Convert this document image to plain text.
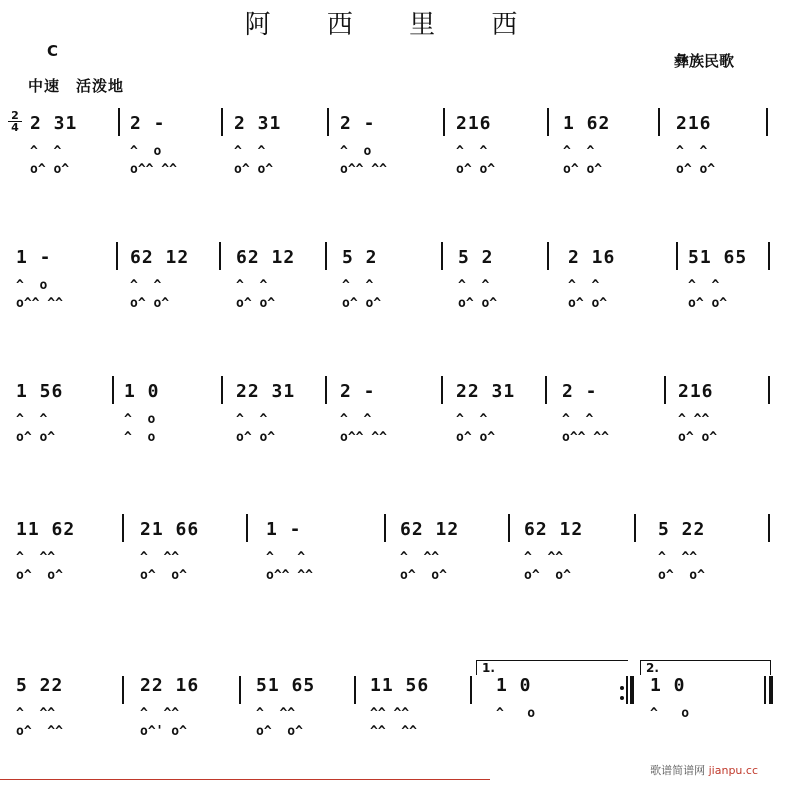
阿 西 里 西
C
中速　活泼地
彝族民歌
2
4 2 31
^  ^
o^ o^
2 -
^  o
o^^ ^^
2 31
^  ^
o^ o^
2 -
^  o
o^^ ^^
216
^  ^
o^ o^
1 62
^  ^
o^ o^
216
^  ^
o^ o^
1 -
^  o
o^^ ^^
62 12
^  ^
o^ o^
62 12
^  ^
o^ o^
5 2
^  ^
o^ o^
5 2
^  ^
o^ o^
2 16
^  ^
o^ o^
51 65
^  ^
o^ o^
1 56
^  ^
o^ o^
1 0
^  o
^  o
22 31
^  ^
o^ o^
2 -
^  ^
o^^ ^^
22 31
^  ^
o^ o^
2 -
^  ^
o^^ ^^
216
^ ^^
o^ o^
11 62
^  ^^
o^  o^
21 66
^  ^^
o^  o^
1 -
^   ^
o^^ ^^
62 12
^  ^^
o^  o^
62 12
^  ^^
o^  o^
5 22
^  ^^
o^  o^
1.	2.
5 22
^  ^^
o^  ^^
22 16
^  ^^
o^' o^
51 65
^  ^^
o^  o^
11 56
^^ ^^
^^  ^^
1 0
^   o
1 0
^   o
歌谱简谱网 jianpu.cc
